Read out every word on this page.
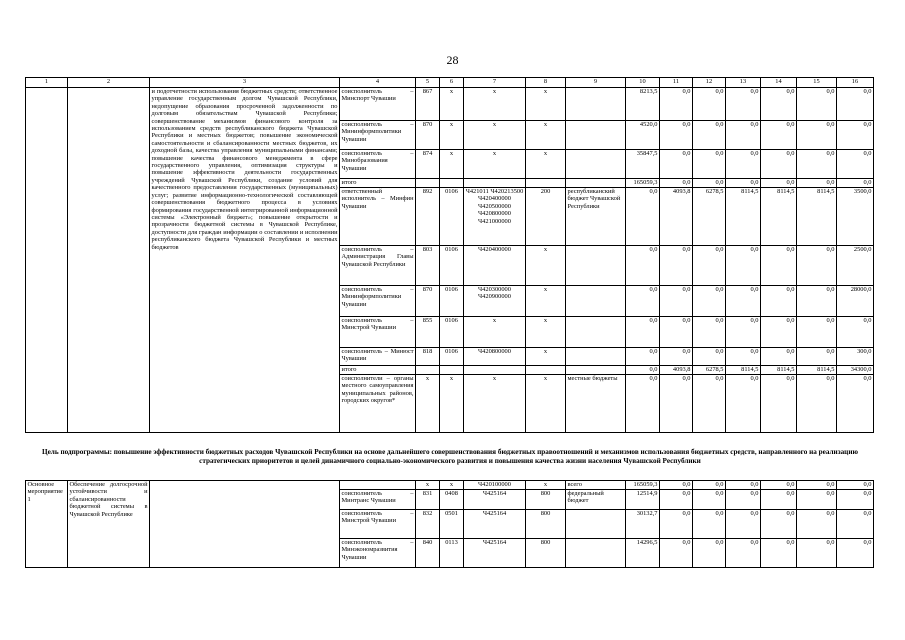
28
1	2	3	4	5	6	7	8	9	10	11	12	13	14	15	16
		и подотчетности использования бюджетных средств; ответственное управление государственным долгом Чувашской Республики, недопущение образования просроченной задолженности по долговым обязательствам Чувашской Республики; совершенствование механизмов финансового контроля за использованием средств республиканского бюджета Чувашской Республики и местных бюджетов; повышение экономической самостоятельности и сбалансированности местных бюджетов, их доходной базы, качества управления муниципальными финансами; повышение качества финансового менеджмента в сфере государственного управления, оптимизация структуры и повышение эффективности деятельности государственных учреждений Чувашской Республики, создание условий для качественного предоставления государственных (муниципальных) услуг; развитие информационно-технологической составляющей совершенствования бюджетного процесса в условиях формирования государственной интегрированной информационной системы «Электронный бюджет»; повышение открытости и прозрачности бюджетной системы в Чувашской Республике, доступности для граждан информации о составлении и исполнении республиканского бюджета Чувашской Республики и местных бюджетов	соисполнитель – Минспорт Чувашии	867	х	х	х		8213,5	0,0	0,0	0,0	0,0	0,0	0,0
			соисполнитель – Мининформполитики Чувашии	870	х	х	х		4520,0	0,0	0,0	0,0	0,0	0,0	0,0
			соисполнитель – Минобразования Чувашии	874	х	х	х		35847,5	0,0	0,0	0,0	0,0	0,0	0,0
			итого						165059,3	0,0	0,0	0,0	0,0	0,0	0,0
			ответственный исполнитель – Минфин Чувашии	892	0106	Ч421011 Ч420213500 Ч420400000 Ч420500000 Ч420800000 Ч421000000	200	республиканский бюджет Чувашской Республики	0,0	4093,8	6278,5	8114,5	8114,5	8114,5	3500,0
			соисполнитель – Администрация Главы Чувашской Республики	803	0106	Ч420400000	х		0,0	0,0	0,0	0,0	0,0	0,0	2500,0
			соисполнитель – Мининформполитики Чувашии	870	0106	Ч420300000 Ч420900000	х		0,0	0,0	0,0	0,0	0,0	0,0	28000,0
			соисполнитель – Минстрой Чувашии	855	0106	х	х		0,0	0,0	0,0	0,0	0,0	0,0	0,0
			соисполнитель – Минюст Чувашии	818	0106	Ч420800000	х		0,0	0,0	0,0	0,0	0,0	0,0	300,0
			итого						0,0	4093,8	6278,5	8114,5	8114,5	8114,5	34300,0
			соисполнители – органы местного самоуправления муниципальных районов, городских округов*	х	х	х	х	местные бюджеты	0,0	0,0	0,0	0,0	0,0	0,0	0,0
Цель подпрограммы: повышение эффективности бюджетных расходов Чувашской Республики на основе дальнейшего совершенствования бюджетных правоотношений и механизмов использования бюджетных средств, направленного на реализацию стратегических приоритетов и целей динамичного социально-экономического развития и повышения качества жизни населения Чувашской Республики
Основное мероприятие 1	Обеспечение долгосрочной устойчивости и сбалансированности бюджетной системы в Чувашской Республике			х	х	Ч420100000	х	всего	165059,3	0,0	0,0	0,0	0,0	0,0	0,0
			соисполнитель – Минтранс Чувашии	831	0408	Ч425164	800	федеральный бюджет	12514,9	0,0	0,0	0,0	0,0	0,0	0,0
			соисполнитель – Минстрой Чувашии	832	0501	Ч425164	800		30132,7	0,0	0,0	0,0	0,0	0,0	0,0
			соисполнитель – Минэкономразвития Чувашии	840	0113	Ч425164	800		14296,5	0,0	0,0	0,0	0,0	0,0	0,0
